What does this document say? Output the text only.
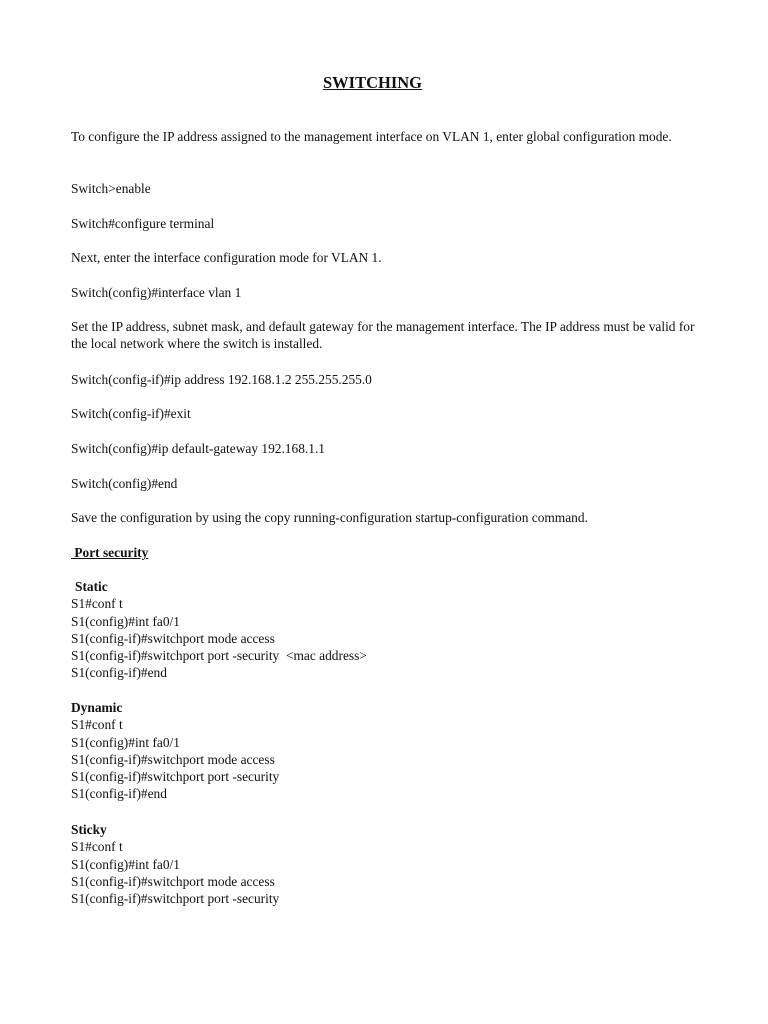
SWITCHING
To configure the IP address assigned to the management interface on VLAN 1, enter global configuration mode.
Switch>enable
Switch#configure terminal
Next, enter the interface configuration mode for VLAN 1.
Switch(config)#interface vlan 1
Set the IP address, subnet mask, and default gateway for the management interface. The IP address must be valid for the local network where the switch is installed.
Switch(config-if)#ip address 192.168.1.2 255.255.255.0
Switch(config-if)#exit
Switch(config)#ip default-gateway 192.168.1.1
Switch(config)#end
Save the configuration by using the copy running-configuration startup-configuration command.
Port security
Static
S1#conf t
S1(config)#int fa0/1
S1(config-if)#switchport mode access
S1(config-if)#switchport port -security  <mac address>
S1(config-if)#end
Dynamic
S1#conf t
S1(config)#int fa0/1
S1(config-if)#switchport mode access
S1(config-if)#switchport port -security
S1(config-if)#end
Sticky
S1#conf t
S1(config)#int fa0/1
S1(config-if)#switchport mode access
S1(config-if)#switchport port -security
